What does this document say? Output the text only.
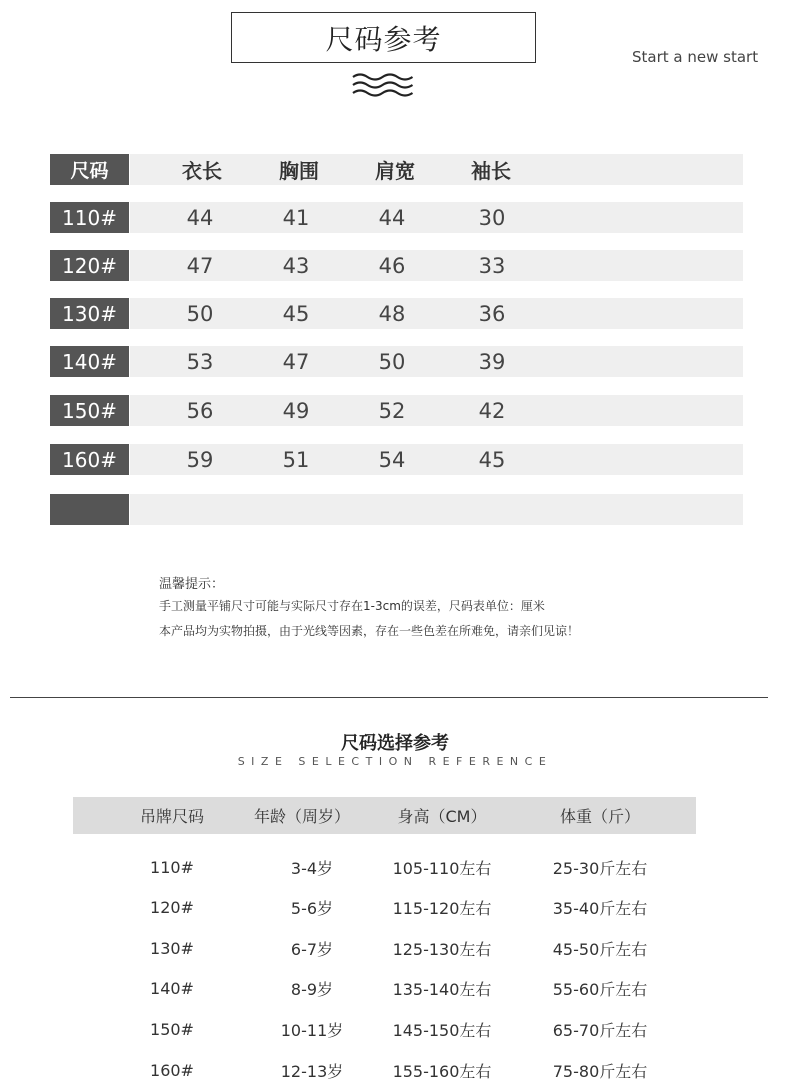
尺码参考
Start a new start
尺码	衣长	胸围	肩宽	袖长
110#	44	41	44	30
120#	47	43	46	33
130#	50	45	48	36
140#	53	47	50	39
150#	56	49	52	42
160#	59	51	54	45
温馨提示：
手工测量平铺尺寸可能与实际尺寸存在1-3cm的误差，尺码表单位：厘米
本产品均为实物拍摄，由于光线等因素，存在一些色差在所难免，请亲们见谅！
尺码选择参考
SIZE SELECTION REFERENCE
吊牌尺码	年龄（周岁）	身高（CM）	体重（斤）
110#	3-4岁	105-110左右	25-30斤左右
120#	5-6岁	115-120左右	35-40斤左右
130#	6-7岁	125-130左右	45-50斤左右
140#	8-9岁	135-140左右	55-60斤左右
150#	10-11岁	145-150左右	65-70斤左右
160#	12-13岁	155-160左右	75-80斤左右
